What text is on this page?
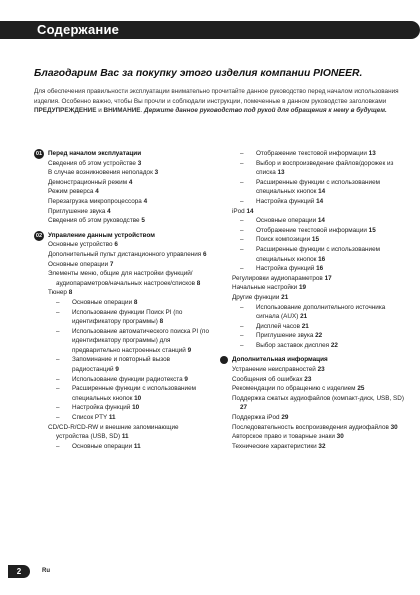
Содержание
Благодарим Вас за покупку этого изделия компании PIONEER.
Для обеспечения правильности эксплуатации внимательно прочитайте данное руководство перед началом использования изделия. Особенно важно, чтобы Вы прочли и соблюдали инструкции, помеченные в данном руководстве заголовками ПРЕДУПРЕЖДЕНИЕ и ВНИМАНИЕ. Держите данное руководство под рукой для обращения к нему в будущем.
01 Перед началом эксплуатации
Сведения об этом устройстве 3
В случае возникновения неполадок 3
Демонстрационный режим 4
Режим реверса 4
Перезагрузка микропроцессора 4
Приглушение звука 4
Сведения об этом руководстве 5
02 Управление данным устройством
Основные устройство 6
Дополнительный пульт дистанционного управления 6
Основные операции 7
Элементы меню, общие для настройки функций/аудиопараметров/начальных настроек/списков 8
Тюнер 8
– Основные операции 8
– Использование функции Поиск PI (по идентификатору программы) 8
– Использование автоматического поиска PI (по идентификатору программы) для предварительно настроенных станций 9
– Запоминание и повторный вызов радиостанций 9
– Использование функции радиотекста 9
– Расширенные функции с использованием специальных кнопок 10
– Настройка функций 10
– Список PTY 11
CD/CD-R/CD-RW и внешние запоминающие устройства (USB, SD) 11
– Основные операции 11
– Отображение текстовой информации 13
– Выбор и воспроизведение файлов/дорожек из списка 13
– Расширенные функции с использованием специальных кнопок 14
– Настройка функций 14
iPod 14
– Основные операции 14
– Отображение текстовой информации 15
– Поиск композиции 15
– Расширенные функции с использованием специальных кнопок 16
– Настройка функций 16
Регулировки аудиопараметров 17
Начальные настройки 19
Другие функции 21
– Использование дополнительного источника сигнала (AUX) 21
– Дисплей часов 21
– Приглушение звука 22
– Выбор заставок дисплея 22
Дополнительная информация
Устранение неисправностей 23
Сообщения об ошибках 23
Рекомендации по обращению с изделием 25
Поддержка сжатых аудиофайлов (компакт-диск, USB, SD) 27
Поддержка iPod 29
Последовательность воспроизведения аудиофайлов 30
Авторское право и товарные знаки 30
Технические характеристики 32
2	Ru
